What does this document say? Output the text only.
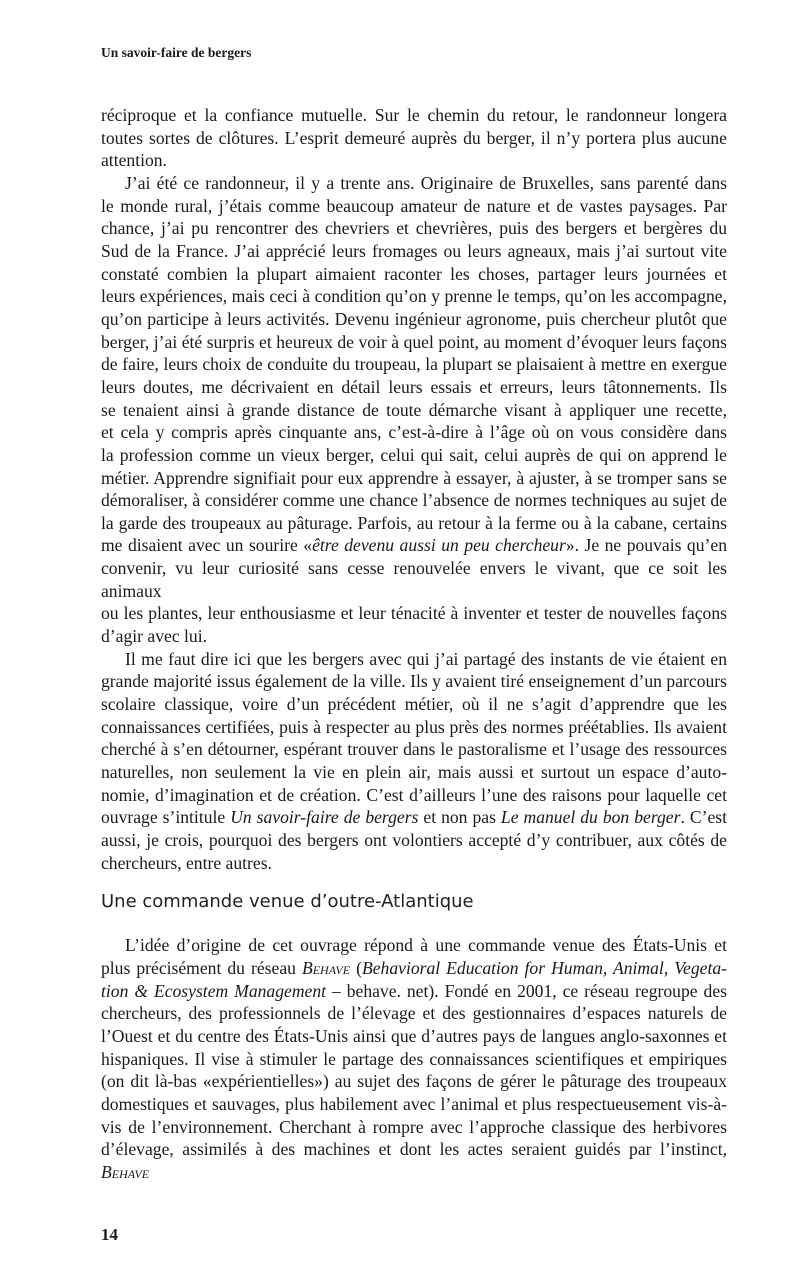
Un savoir-faire de bergers
réciproque et la confiance mutuelle. Sur le chemin du retour, le randonneur longera
toutes sortes de clôtures. L’esprit demeuré auprès du berger, il n’y portera plus aucune
attention.
J’ai été ce randonneur, il y a trente ans. Originaire de Bruxelles, sans parenté dans
le monde rural, j’étais comme beaucoup amateur de nature et de vastes paysages. Par
chance, j’ai pu rencontrer des chevriers et chevrières, puis des bergers et bergères du
Sud de la France. J’ai apprécié leurs fromages ou leurs agneaux, mais j’ai surtout vite
constaté combien la plupart aimaient raconter les choses, partager leurs journées et
leurs expériences, mais ceci à condition qu’on y prenne le temps, qu’on les accompagne,
qu’on participe à leurs activités. Devenu ingénieur agronome, puis chercheur plutôt que
berger, j’ai été surpris et heureux de voir à quel point, au moment d’évoquer leurs façons
de faire, leurs choix de conduite du troupeau, la plupart se plaisaient à mettre en exergue
leurs doutes, me décrivaient en détail leurs essais et erreurs, leurs tâtonnements. Ils
se tenaient ainsi à grande distance de toute démarche visant à appliquer une recette,
et cela y compris après cinquante ans, c’est-à-dire à l’âge où on vous considère dans
la profession comme un vieux berger, celui qui sait, celui auprès de qui on apprend le
métier. Apprendre signifiait pour eux apprendre à essayer, à ajuster, à se tromper sans se
démoraliser, à considérer comme une chance l’absence de normes techniques au sujet de
la garde des troupeaux au pâturage. Parfois, au retour à la ferme ou à la cabane, certains
me disaient avec un sourire «être devenu aussi un peu chercheur». Je ne pouvais qu’en
convenir, vu leur curiosité sans cesse renouvelée envers le vivant, que ce soit les animaux
ou les plantes, leur enthousiasme et leur ténacité à inventer et tester de nouvelles façons
d’agir avec lui.
Il me faut dire ici que les bergers avec qui j’ai partagé des instants de vie étaient en
grande majorité issus également de la ville. Ils y avaient tiré enseignement d’un parcours
scolaire classique, voire d’un précédent métier, où il ne s’agit d’apprendre que les
connaissances certifiées, puis à respecter au plus près des normes préétablies. Ils avaient
cherché à s’en détourner, espérant trouver dans le pastoralisme et l’usage des ressources
naturelles, non seulement la vie en plein air, mais aussi et surtout un espace d’auto-
nomie, d’imagination et de création. C’est d’ailleurs l’une des raisons pour laquelle cet
ouvrage s’intitule Un savoir-faire de bergers et non pas Le manuel du bon berger. C’est
aussi, je crois, pourquoi des bergers ont volontiers accepté d’y contribuer, aux côtés de
chercheurs, entre autres.
Une commande venue d’outre-Atlantique
L’idée d’origine de cet ouvrage répond à une commande venue des États-Unis et
plus précisément du réseau Behave (Behavioral Education for Human, Animal, Vegeta-
tion & Ecosystem Management – behave. net). Fondé en 2001, ce réseau regroupe des
chercheurs, des professionnels de l’élevage et des gestionnaires d’espaces naturels de
l’Ouest et du centre des États-Unis ainsi que d’autres pays de langues anglo-saxonnes et
hispaniques. Il vise à stimuler le partage des connaissances scientifiques et empiriques
(on dit là-bas «expérientielles») au sujet des façons de gérer le pâturage des troupeaux
domestiques et sauvages, plus habilement avec l’animal et plus respectueusement vis-à-
vis de l’environnement. Cherchant à rompre avec l’approche classique des herbivores
d’élevage, assimilés à des machines et dont les actes seraient guidés par l’instinct, Behave
14
